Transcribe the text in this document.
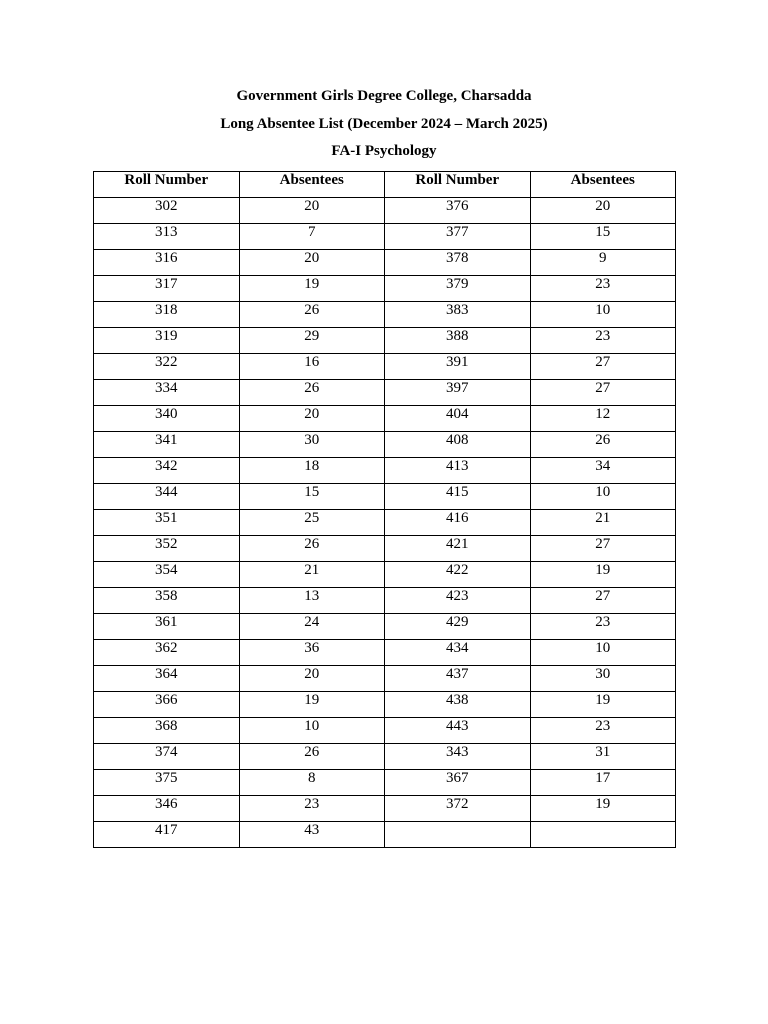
Government Girls Degree College, Charsadda
Long Absentee List (December 2024 – March 2025)
FA-I Psychology
Roll Number	Absentees	Roll Number	Absentees
302	20	376	20
313	7	377	15
316	20	378	9
317	19	379	23
318	26	383	10
319	29	388	23
322	16	391	27
334	26	397	27
340	20	404	12
341	30	408	26
342	18	413	34
344	15	415	10
351	25	416	21
352	26	421	27
354	21	422	19
358	13	423	27
361	24	429	23
362	36	434	10
364	20	437	30
366	19	438	19
368	10	443	23
374	26	343	31
375	8	367	17
346	23	372	19
417	43		
